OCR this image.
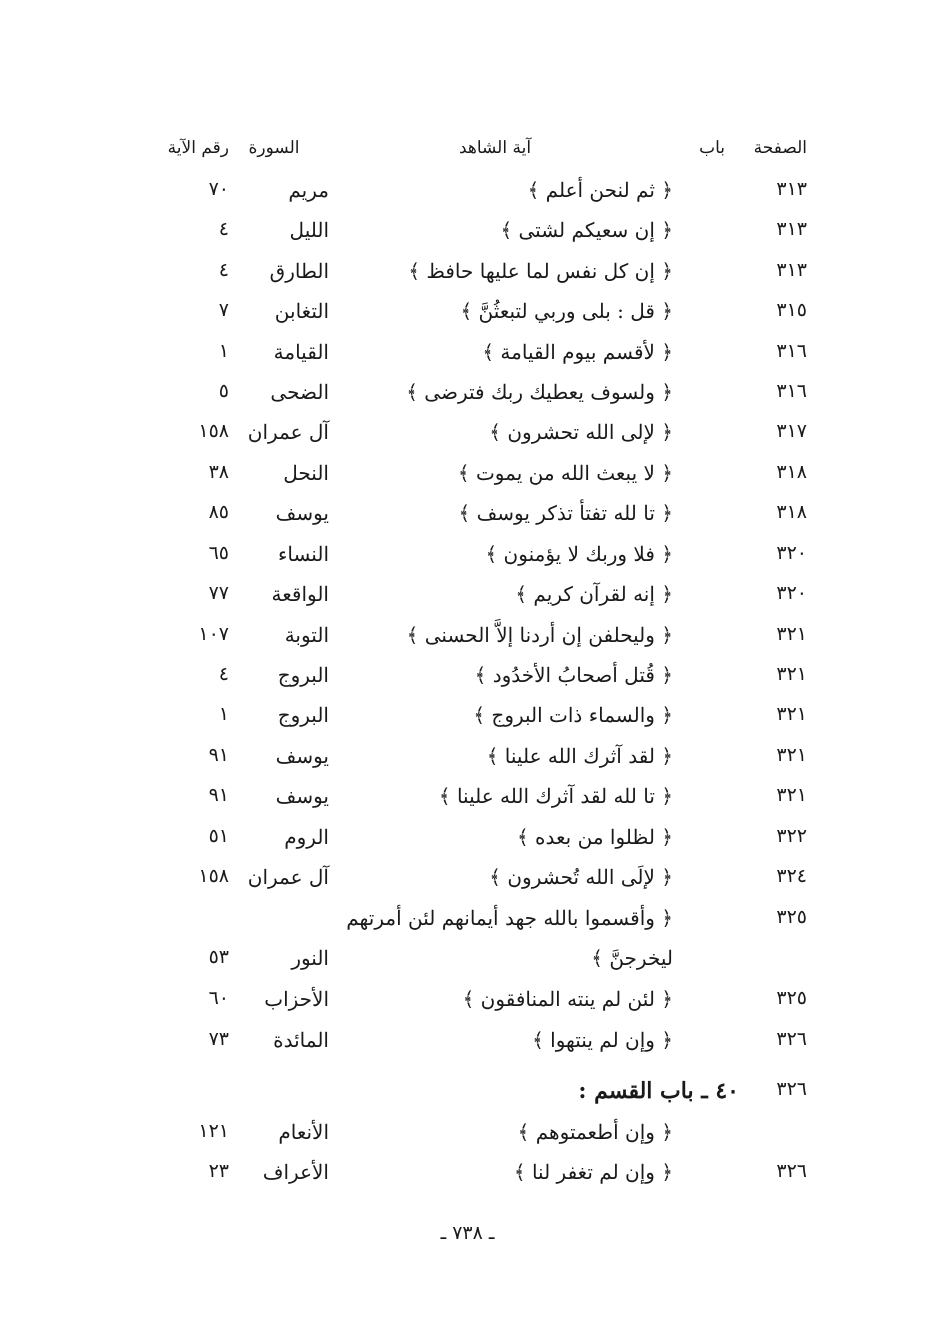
الصفحة
باب
آية الشاهد
السورة
رقم الآية
٣١٣
﴿ ثم لنحن أعلم ﴾
مريم
٧٠
٣١٣
﴿ إن سعيكم لشتى ﴾
الليل
٤
٣١٣
﴿ إن كل نفس لما عليها حافظ ﴾
الطارق
٤
٣١٥
﴿ قل : بلى وربي لتبعثُنَّ ﴾
التغابن
٧
٣١٦
﴿ لأقسم بيوم القيامة ﴾
القيامة
١
٣١٦
﴿ ولسوف يعطيك ربك فترضى ﴾
الضحى
٥
٣١٧
﴿ لإلى الله تحشرون ﴾
آل عمران
١٥٨
٣١٨
﴿ لا يبعث الله من يموت ﴾
النحل
٣٨
٣١٨
﴿ تا لله تفتأ تذكر يوسف ﴾
يوسف
٨٥
٣٢٠
﴿ فلا وربك لا يؤمنون ﴾
النساء
٦٥
٣٢٠
﴿ إنه لقرآن كريم ﴾
الواقعة
٧٧
٣٢١
﴿ وليحلفن إن أردنا إلاَّ الحسنى ﴾
التوبة
١٠٧
٣٢١
﴿ قُتل أصحابُ الأخدُود ﴾
البروج
٤
٣٢١
﴿ والسماء ذات البروج ﴾
البروج
١
٣٢١
﴿ لقد آثرك الله علينا ﴾
يوسف
٩١
٣٢١
﴿ تا لله لقد آثرك الله علينا ﴾
يوسف
٩١
٣٢٢
﴿ لظلوا من بعده ﴾
الروم
٥١
٣٢٤
﴿ لإلَى الله تُحشرون ﴾
آل عمران
١٥٨
٣٢٥
﴿ وأقسموا بالله جهد أيمانهم لئن أمرتهم
ليخرجنَّ ﴾
النور
٥٣
٣٢٥
﴿ لئن لم ينته المنافقون ﴾
الأحزاب
٦٠
٣٢٦
﴿ وإن لم ينتهوا ﴾
المائدة
٧٣
٣٢٦
٤٠ ـ باب القسم :
﴿ وإن أطعمتوهم ﴾
الأنعام
١٢١
٣٢٦
﴿ وإن لم تغفر لنا ﴾
الأعراف
٢٣
ـ ٧٣٨ ـ
